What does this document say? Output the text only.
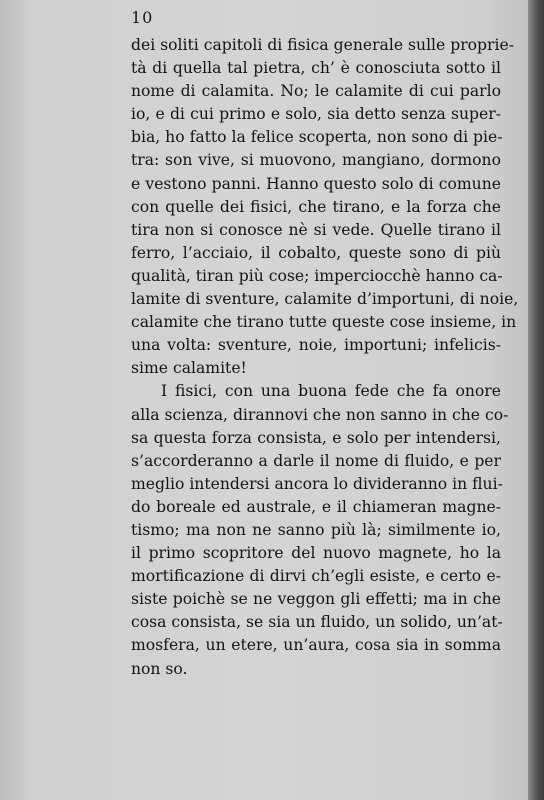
10
dei soliti capitoli di fisica generale sulle proprie-
tà di quella tal pietra, ch’ è conosciuta sotto il
nome di calamita. No; le calamite di cui parlo
io, e di cui primo e solo, sia detto senza super-
bia, ho fatto la felice scoperta, non sono di pie-
tra: son vive, si muovono, mangiano, dormono
e vestono panni. Hanno questo solo di comune
con quelle dei fisici, che tirano, e la forza che
tira non si conosce nè si vede. Quelle tirano il
ferro, l’acciaio, il cobalto, queste sono di più
qualità, tiran più cose; imperciocchè hanno ca-
lamite di sventure, calamite d’importuni, di noie,
calamite che tirano tutte queste cose insieme, in
una volta: sventure, noie, importuni; infelicis-
sime calamite!
I fisici, con una buona fede che fa onore
alla scienza, dirannovi che non sanno in che co-
sa questa forza consista, e solo per intendersi,
s’accorderanno a darle il nome di fluido, e per
meglio intendersi ancora lo divideranno in flui-
do boreale ed australe, e il chiameran magne-
tismo; ma non ne sanno più là; similmente io,
il primo scopritore del nuovo magnete, ho la
mortificazione di dirvi ch’egli esiste, e certo e-
siste poichè se ne veggon gli effetti; ma in che
cosa consista, se sia un fluido, un solido, un’at-
mosfera, un etere, un’aura, cosa sia in somma
non so.
